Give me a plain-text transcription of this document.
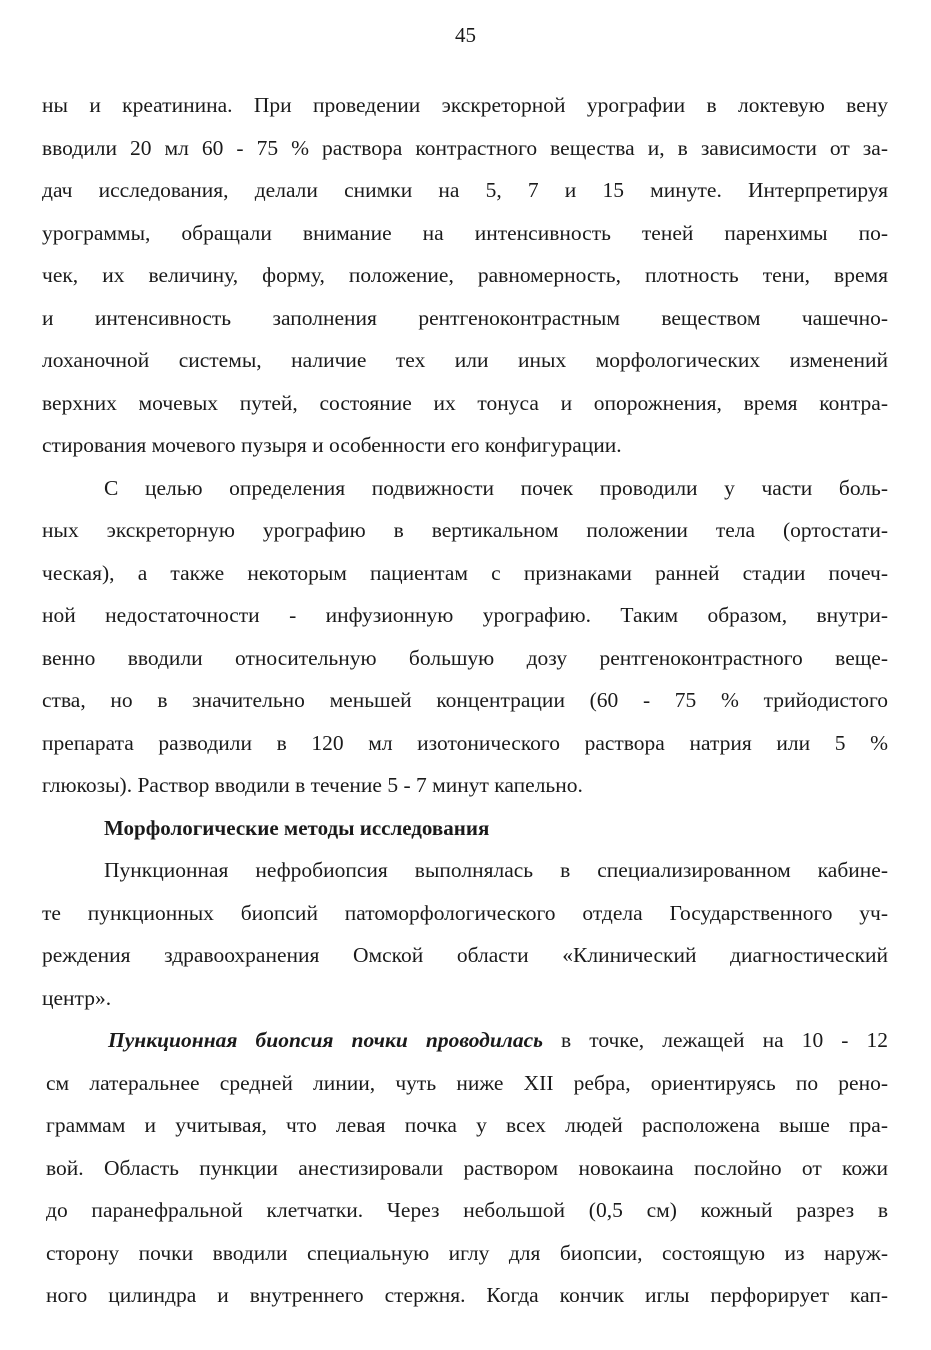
45
ны и креатинина. При проведении экскреторной урографии в локтевую вену
вводили 20 мл 60 - 75 % раствора контрастного вещества и, в зависимости от за-
дач исследования, делали снимки на 5, 7 и 15 минуте. Интерпретируя
урограммы, обращали внимание на интенсивность теней паренхимы по-
чек, их величину, форму, положение, равномерность, плотность тени, время
и интенсивность заполнения рентгеноконтрастным веществом чашечно-
лоханочной системы, наличие тех или иных морфологических изменений
верхних мочевых путей, состояние их тонуса и опорожнения, время контра-
стирования мочевого пузыря и особенности его конфигурации.
С целью определения подвижности почек проводили у части боль-
ных экскреторную урографию в вертикальном положении тела (ортостати-
ческая), а также некоторым пациентам с признаками ранней стадии почеч-
ной недостаточности - инфузионную урографию. Таким образом, внутри-
венно вводили относительную большую дозу рентгеноконтрастного веще-
ства, но в значительно меньшей концентрации (60 - 75 % трийодистого
препарата разводили в 120 мл изотонического раствора натрия или 5 %
глюкозы). Раствор вводили в течение 5 - 7 минут капельно.
Морфологические методы исследования
Пункционная нефробиопсия выполнялась в специализированном кабине-
те пункционных биопсий патоморфологического отдела Государственного уч-
реждения здравоохранения Омской области «Клинический диагностический
центр».
Пункционная биопсия почки проводилась в точке, лежащей на 10 - 12
см латеральнее средней линии, чуть ниже XII ребра, ориентируясь по рено-
граммам и учитывая, что левая почка у всех людей расположена выше пра-
вой. Область пункции анестизировали раствором новокаина послойно от кожи
до паранефральной клетчатки. Через небольшой (0,5 см) кожный разрез в
сторону почки вводили специальную иглу для биопсии, состоящую из наруж-
ного цилиндра и внутреннего стержня. Когда кончик иглы перфорирует кап-
